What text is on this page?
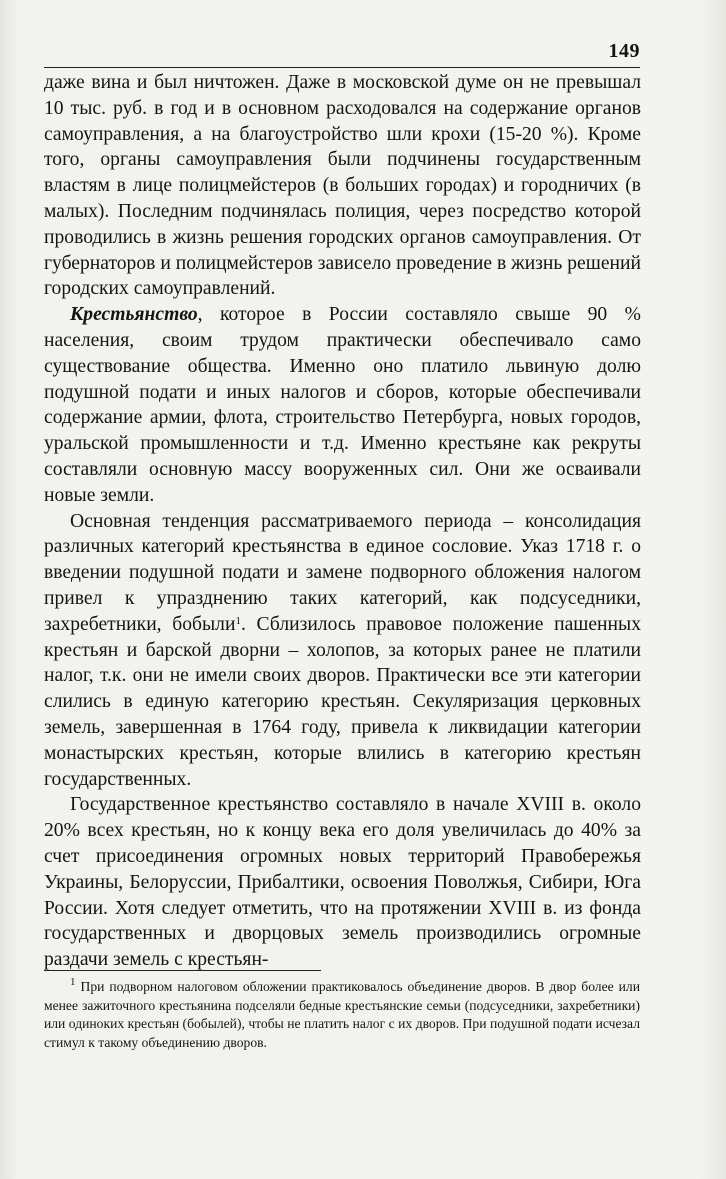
149

даже вина и был ничтожен. Даже в московской думе он не превышал 10 тыс. руб. в год и в основном расходовался на содержание органов самоуправления, а на благоустройство шли крохи (15-20 %). Кроме того, органы самоуправления были подчинены государственным властям в лице полицмейстеров (в больших городах) и городничих (в малых). Последним подчинялась полиция, через посредство которой проводились в жизнь решения городских органов самоуправления. От губернаторов и полицмейстеров зависело проведение в жизнь решений городских самоуправлений.

Крестьянство, которое в России составляло свыше 90 % населения, своим трудом практически обеспечивало само существование общества. Именно оно платило львиную долю подушной подати и иных налогов и сборов, которые обеспечивали содержание армии, флота, строительство Петербурга, новых городов, уральской промышленности и т.д. Именно крестьяне как рекруты составляли основную массу вооруженных сил. Они же осваивали новые земли.

Основная тенденция рассматриваемого периода – консолидация различных категорий крестьянства в единое сословие. Указ 1718 г. о введении подушной подати и замене подворного обложения налогом привел к упразднению таких категорий, как подсуседники, захребетники, бобыли$^1$. Сблизилось правовое положение пашенных крестьян и барской дворни – холопов, за которых ранее не платили налог, т.к. они не имели своих дворов. Практически все эти категории слились в единую категорию крестьян. Секуляризация церковных земель, завершенная в 1764 году, привела к ликвидации категории монастырских крестьян, которые влились в категорию крестьян государственных.

Государственное крестьянство составляло в начале XVIII в. около 20% всех крестьян, но к концу века его доля увеличилась до 40% за счет присоединения огромных новых территорий Правобережья Украины, Белоруссии, Прибалтики, освоения Поволжья, Сибири, Юга России. Хотя следует отметить, что на протяжении XVIII в. из фонда государственных и дворцовых земель производились огромные раздачи земель с крестьян-

$^1$ При подворном налоговом обложении практиковалось объединение дворов. В двор более или менее зажиточного крестьянина подселяли бедные крестьянские семьи (подсуседники, захребетники) или одиноких крестьян (бобылей), чтобы не платить налог с их дворов. При подушной подати исчезал стимул к такому объединению дворов.
